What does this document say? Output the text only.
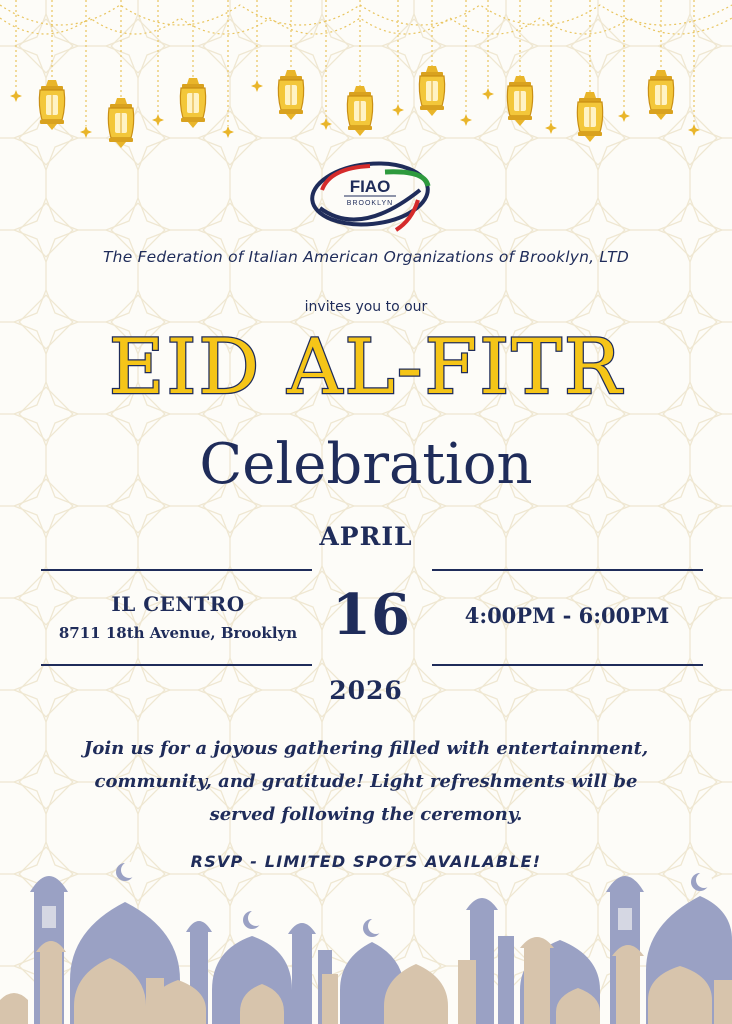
FIAO
BROOKLYN
The Federation of Italian American Organizations of Brooklyn, LTD
invites you to our
EID AL-FITR
Celebration
APRIL
IL CENTRO
8711 18th Avenue, Brooklyn 16	4:00PM - 6:00PM
2026
Join us for a joyous gathering filled with entertainment, community, and gratitude! Light refreshments will be served following the ceremony.
RSVP - LIMITED SPOTS AVAILABLE!
